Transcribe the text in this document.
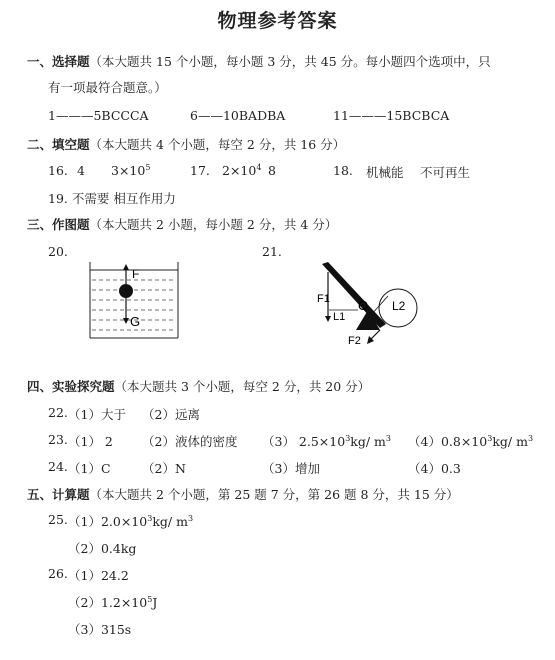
物理参考答案
一、选择题（本大题共 15 个小题，每小题 3 分，共 45 分。每小题四个选项中，只
有一项最符合题意。）
1———5BCCCA	6——10BADBA	11———15BCBCA
二、填空题（本大题共 4 个小题，每空 2 分，共 16 分）
16. 4 $3\times 10^5$	17. $2\times 10^4$ 8	18. 机械能 不可再生
19. 不需要 相互作用力
三、作图题（本大题共 2 小题，每小题 2 分，共 4 分）
20.	21.
F
G
F1
L1
O L2
F2
四、实验探究题（本大题共 3 个小题，每空 2 分，共 20 分）
22. （1）大于 （2）远离
23. （1） 2 （2）液体的密度 （3） $2.5\times 10^3kg/$ $m^3$ $(4)0.8\times 10^3kg/$ $m^3$
24. （1）C	（2）N	（3）增加	（4）0.3
五、计算题（本大题共 2 个小题，第 25 题 7 分，第 26 题 8 分，共 15 分）
25. $(1)2.0\times 10^3kg/$ $m^3$
（2）0.4kg
26. （1）24.2
$(2)1.2\times 10^5J$
（3）315s
